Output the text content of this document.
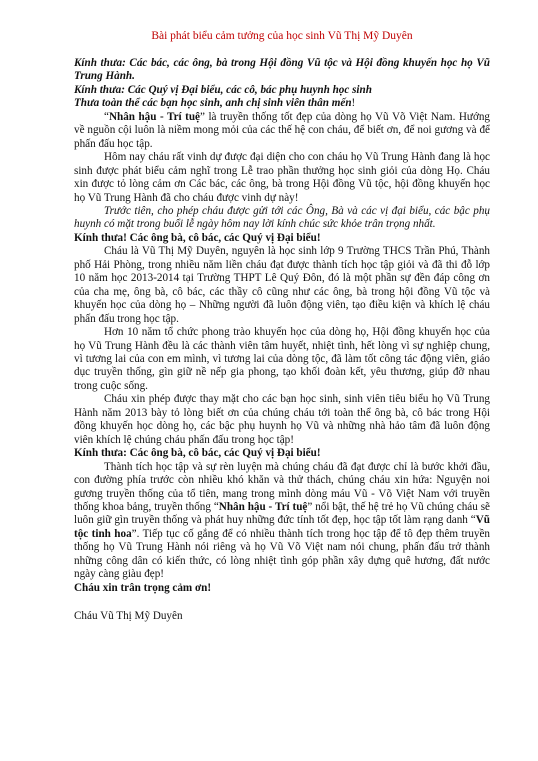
Bài phát biểu cảm tưởng của học sinh Vũ Thị Mỹ Duyên

Kính thưa: Các bác, các ông, bà trong Hội đồng Vũ tộc và Hội đồng khuyến học họ Vũ Trung Hành.

Kính thưa: Các Quý vị Đại biểu, các cô, bác phụ huynh học sinh

Thưa toàn thể các bạn học sinh, anh chị sinh viên thân mến!

“Nhân hậu - Trí tuệ” là truyền thống tốt đẹp của dòng họ Vũ Võ Việt Nam. Hướng về nguồn cội luôn là niềm mong mỏi của các thế hệ con cháu, để biết ơn, để noi gương và để phấn đấu học tập.

Hôm nay cháu rất vinh dự được đại diện cho con cháu họ Vũ Trung Hành đang là học sinh được phát biểu cảm nghĩ trong Lễ trao phần thưởng học sinh giỏi của dòng Họ. Cháu xin được tỏ lòng cảm ơn Các bác, các ông, bà trong Hội đồng Vũ tộc, hội đồng khuyến học họ Vũ Trung Hành đã cho cháu được vinh dự này!

Trước tiên, cho phép cháu được gửi tới các Ông, Bà và các vị đại biểu, các bậc phụ huynh có mặt trong buổi lễ ngày hôm nay lời kính chúc sức khỏe trân trọng nhất.

Kính thưa! Các ông bà, cô bác, các Quý vị Đại biểu!

Cháu là Vũ Thị Mỹ Duyên, nguyên là học sinh lớp 9 Trường THCS Trần Phú, Thành phố Hải Phòng, trong nhiều năm liền cháu đạt được thành tích học tập giỏi và đã thi đỗ lớp 10 năm học 2013-2014 tại Trường THPT Lê Quý Đôn, đó là một phần sự đền đáp công ơn của cha mẹ, ông bà, cô bác, các thầy cô cũng như các ông, bà trong hội đồng Vũ tộc và khuyến học của dòng họ – Những người đã luôn động viên, tạo điều kiện và khích lệ cháu phấn đấu trong học tập.

Hơn 10 năm tổ chức phong trào khuyến học của dòng họ, Hội đồng khuyến học của họ Vũ Trung Hành đều là các thành viên tâm huyết, nhiệt tình, hết lòng vì sự nghiệp chung, vì tương lai của con em mình, vì tương lai của dòng tộc, đã làm tốt công tác động viên, giáo dục truyền thống, gìn giữ nề nếp gia phong, tạo khối đoàn kết, yêu thương, giúp đỡ nhau trong cuộc sống.

Cháu xin phép được thay mặt cho các bạn học sinh, sinh viên tiêu biểu họ Vũ Trung Hành năm 2013 bày tỏ lòng biết ơn của chúng cháu tới toàn thể ông bà, cô bác trong Hội đồng khuyến học dòng họ, các bậc phụ huynh họ Vũ và những nhà hảo tâm đã luôn động viên khích lệ chúng cháu phấn đấu trong học tập!

Kính thưa: Các ông bà, cô bác, các Quý vị Đại biểu!

Thành tích học tập và sự rèn luyện mà chúng cháu đã đạt được chỉ là bước khởi đầu, con đường phía trước còn nhiều khó khăn và thử thách, chúng cháu xin hứa: Nguyện noi gương truyền thống của tổ tiên, mang trong mình dòng máu Vũ - Võ Việt Nam với truyền thống khoa bảng, truyền thống “Nhân hậu - Trí tuệ” nổi bật, thế hệ trẻ họ Vũ chúng cháu sẽ luôn giữ gìn truyền thống và phát huy những đức tính tốt đẹp, học tập tốt làm rạng danh “Vũ tộc tinh hoa”. Tiếp tục cố gắng để có nhiều thành tích trong học tập để tô đẹp thêm truyền thống họ Vũ Trung Hành nói riêng và họ Vũ Võ Việt nam nói chung, phấn đấu trở thành những công dân có kiến thức, có lòng nhiệt tình góp phần xây dựng quê hương, đất nước ngày càng giàu đẹp!

Cháu xin trân trọng cảm ơn!

Cháu Vũ Thị Mỹ Duyên
